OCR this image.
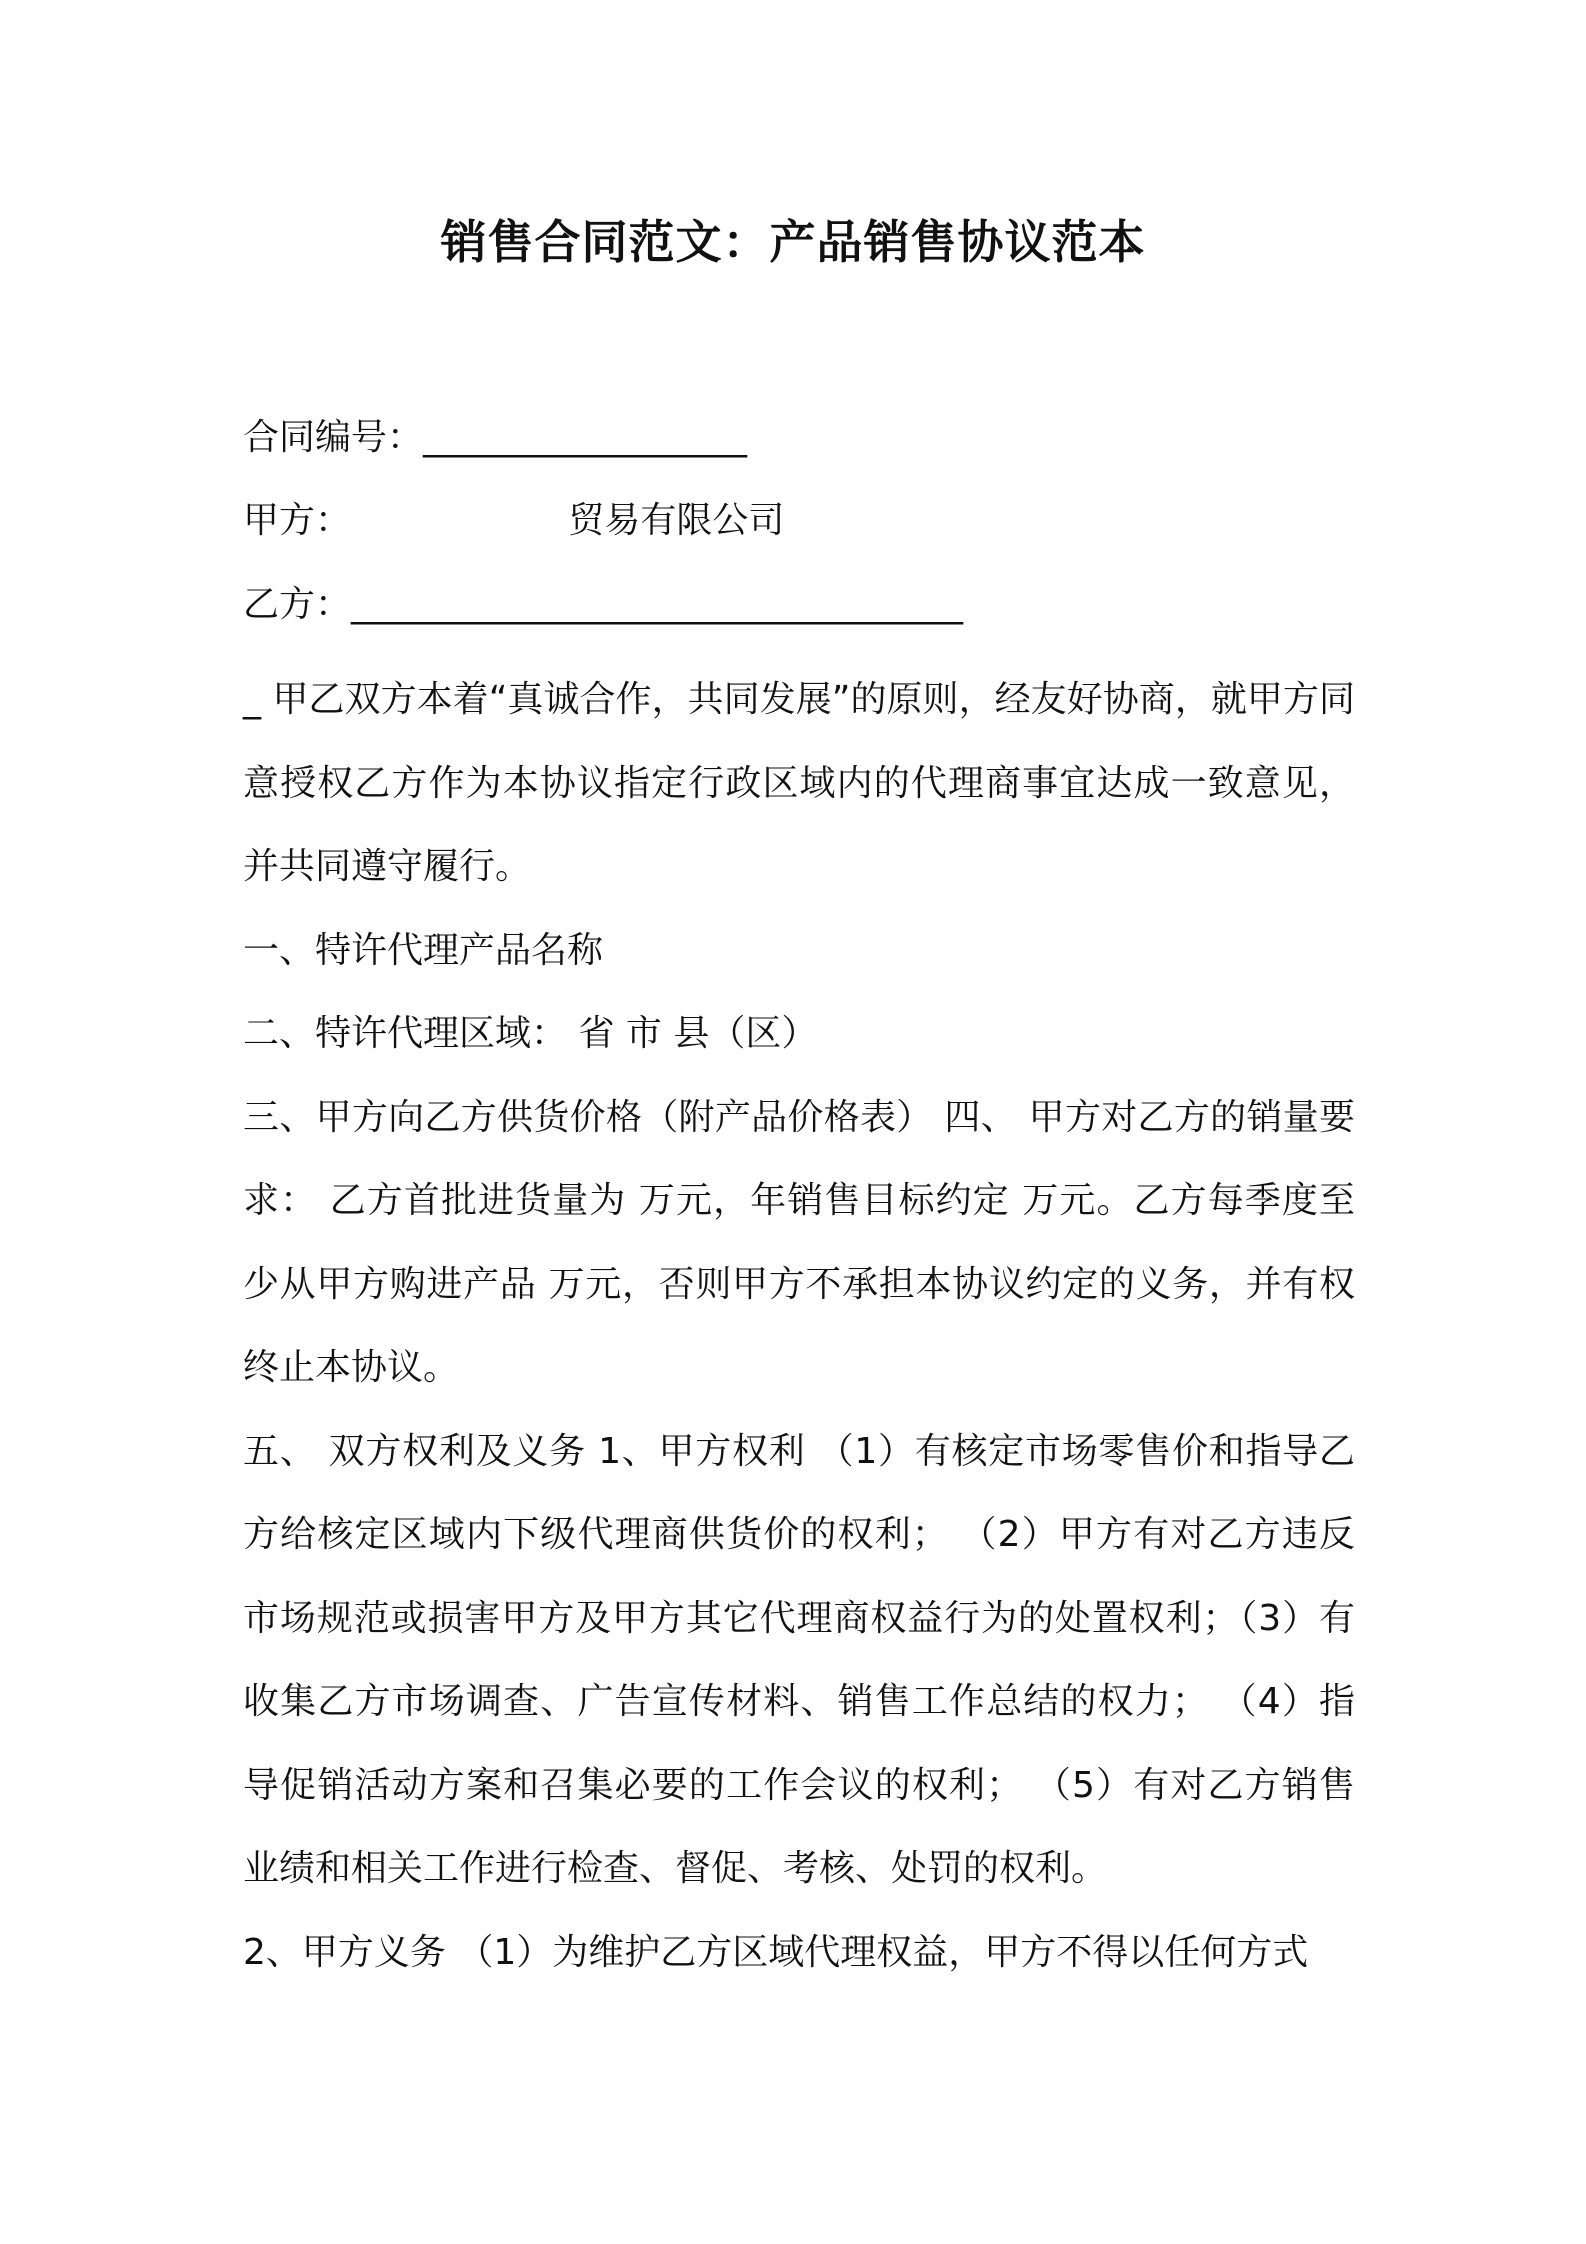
销售合同范文：产品销售协议范本
合同编号：__________________
甲方：                   贸易有限公司
乙方：__________________________________

_ 甲乙双方本着“真诚合作，共同发展”的原则，经友好协商，就甲方同意授权乙方作为本协议指定行政区域内的代理商事宜达成一致意见，并共同遵守履行。

一、特许代理产品名称

二、特许代理区域： 省 市 县（区）

三、甲方向乙方供货价格（附产品价格表） 四、 甲方对乙方的销量要求： 乙方首批进货量为 万元，年销售目标约定 万元。乙方每季度至少从甲方购进产品 万元，否则甲方不承担本协议约定的义务，并有权终止本协议。

五、 双方权利及义务 1、甲方权利 （1）有核定市场零售价和指导乙方给核定区域内下级代理商供货价的权利； （2）甲方有对乙方违反市场规范或损害甲方及甲方其它代理商权益行为的处置权利；（3）有收集乙方市场调查、广告宣传材料、销售工作总结的权力； （4）指导促销活动方案和召集必要的工作会议的权利； （5）有对乙方销售业绩和相关工作进行检查、督促、考核、处罚的权利。

2、甲方义务 （1）为维护乙方区域代理权益，甲方不得以任何方式
